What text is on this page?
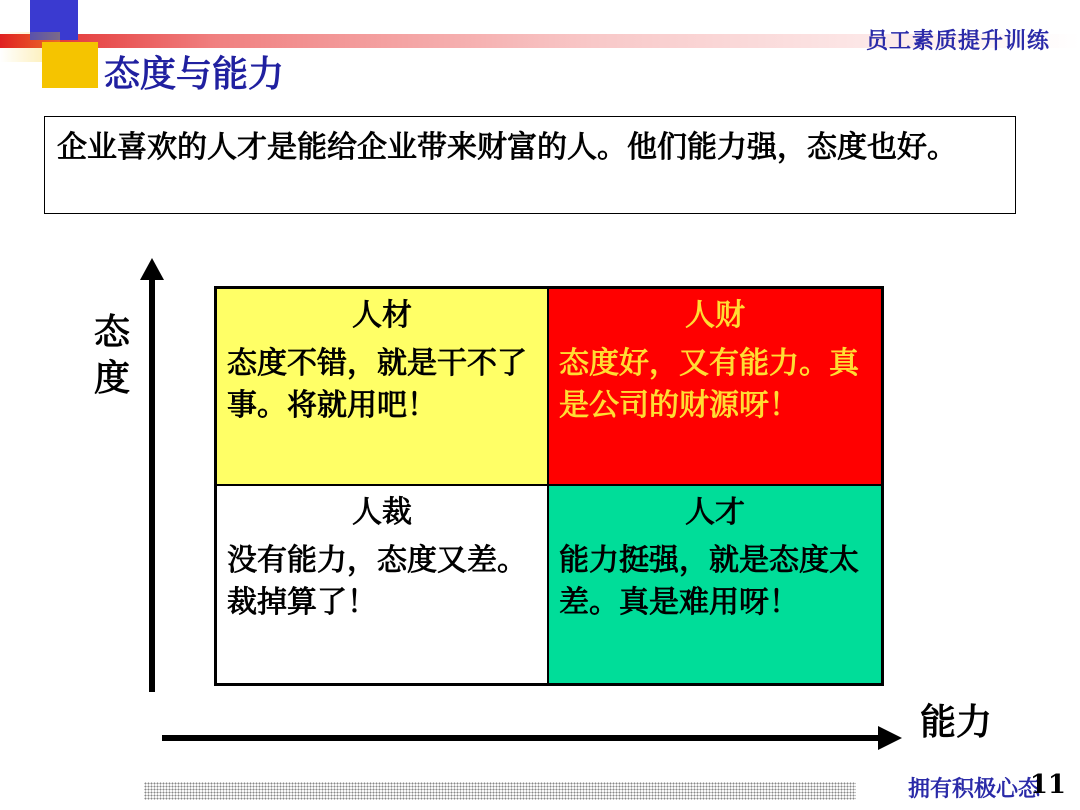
员工素质提升训练
态度与能力
企业喜欢的人才是能给企业带来财富的人。他们能力强，态度也好。
态
度
能力
人材
态度不错，就是干不了事。将就用吧！
人财
态度好，又有能力。真是公司的财源呀！
人裁
没有能力，态度又差。裁掉算了！
人才
能力挺强，就是态度太差。真是难用呀！
拥有积极心态
11
